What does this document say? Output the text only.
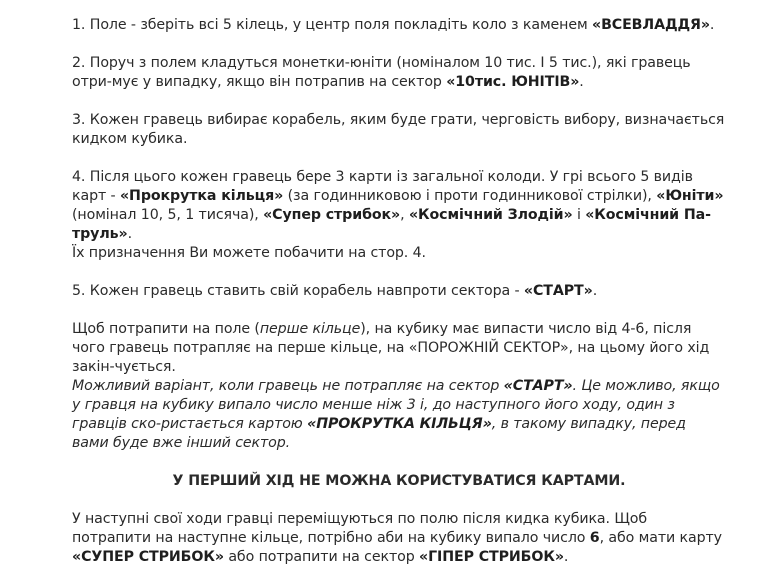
1. Поле - зберіть всі 5 кілець, у центр поля покладіть коло з каменем «ВСЕВЛАДДЯ».

2. Поруч з полем кладуться монетки-юніти (номіналом 10 тис. І 5 тис.), які гравець отри-мує у випадку, якщо він потрапив на сектор «10тис. ЮНІТІВ».

3. Кожен гравець вибирає корабель, яким буде грати, черговість вибору, визначається кидком кубика.

4. Після цього кожен гравець бере 3 карти із загальної колоди. У грі всього 5 видів карт - «Прокрутка кільця» (за годинниковою і проти годинникової стрілки), «Юніти» (номінал 10, 5, 1 тисяча), «Супер стрибок», «Космічний Злодій» і «Космічний Па-труль».

Їх призначення Ви можете побачити на стор. 4.

5. Кожен гравець ставить свій корабель навпроти сектора - «СТАРТ».

Щоб потрапити на поле (перше кільце), на кубику має випасти число від 4-6, після чого гравець потрапляє на перше кільце, на «ПОРОЖНІЙ СЕКТОР», на цьому його хід закін-чується.

Можливий варіант, коли гравець не потрапляє на сектор «СТАРТ». Це можливо, якщо у гравця на кубику випало число менше ніж 3 і, до наступного його ходу, один з гравців ско-ристається картою «ПРОКРУТКА КІЛЬЦЯ», в такому випадку, перед вами буде вже інший сектор.

У ПЕРШИЙ ХІД НЕ МОЖНА КОРИСТУВАТИСЯ КАРТАМИ.

У наступні свої ходи гравці переміщуються по полю після кидка кубика. Щоб потрапити на наступне кільце, потрібно аби на кубику випало число 6, або мати карту «СУПЕР СТРИБОК» або потрапити на сектор «ГІПЕР СТРИБОК».
